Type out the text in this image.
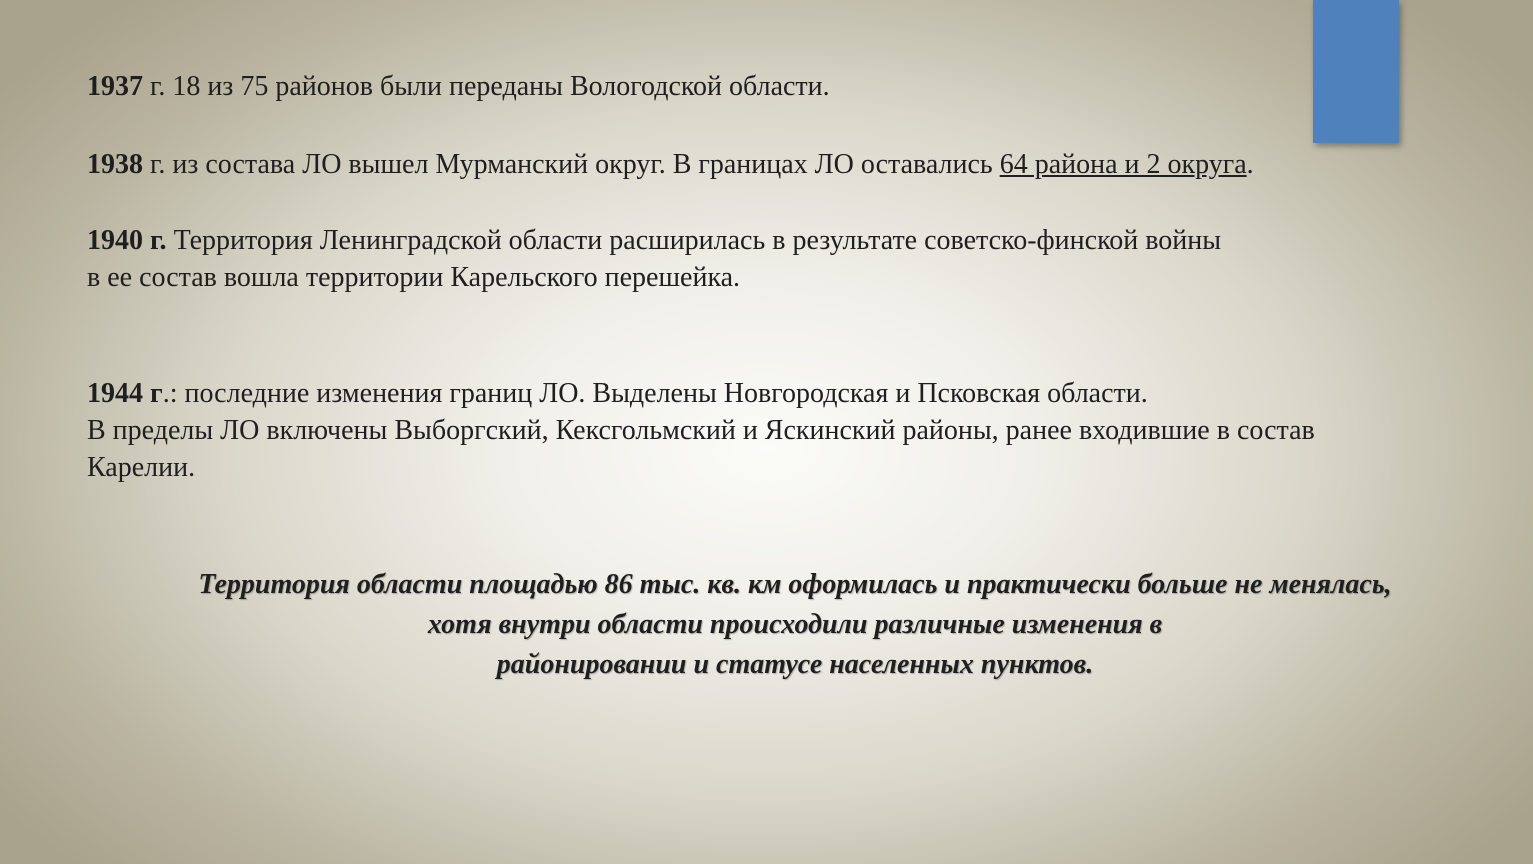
1937 г. 18 из 75 районов были переданы Вологодской области.

1938 г. из состава ЛО вышел Мурманский округ. В границах ЛО оставались 64 района и 2 округа.

1940 г. Территория Ленинградской области расширилась в результате советско-финской войны
в ее состав вошла территории Карельского перешейка.

1944 г.: последние изменения границ ЛО. Выделены Новгородская и Псковская области.
В пределы ЛО включены Выборгский, Кексгольмский и Яскинский районы, ранее входившие в состав
Карелии.

Территория области площадью 86 тыс. кв. км оформилась и практически больше не менялась,
хотя внутри области происходили различные изменения в
районировании и статусе населенных пунктов.
